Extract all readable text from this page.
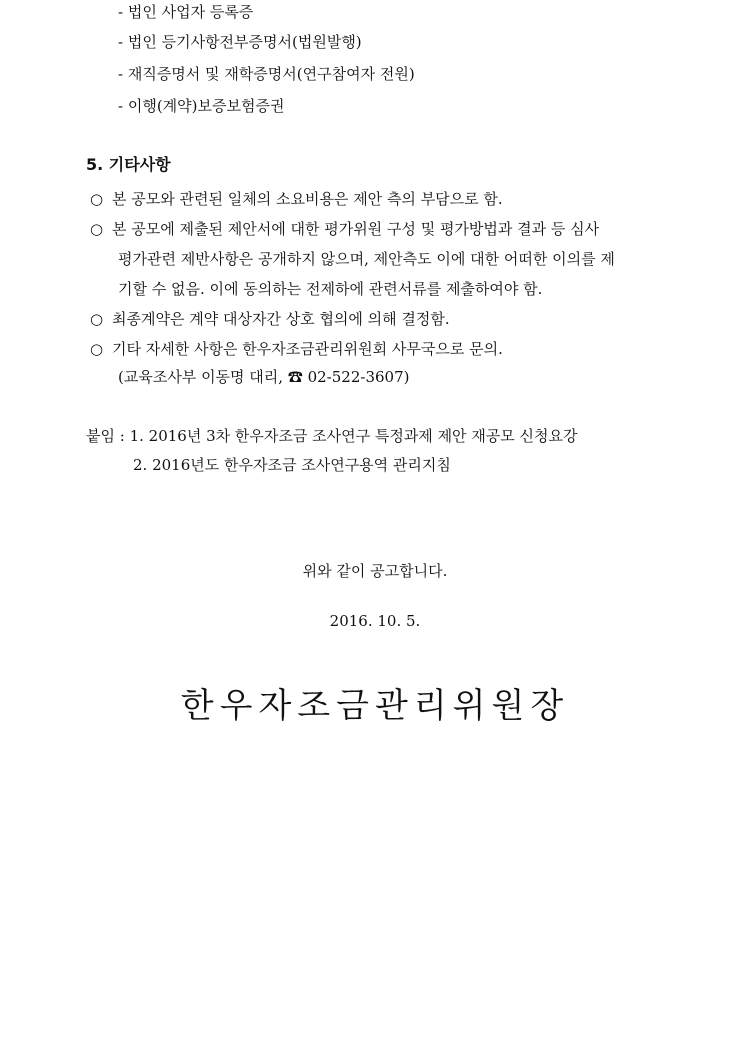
- 법인 사업자 등록증
- 법인 등기사항전부증명서(법원발행)
- 재직증명서 및 재학증명서(연구참여자 전원)
- 이행(계약)보증보험증권
5. 기타사항
○ 본 공모와 관련된 일체의 소요비용은 제안 측의 부담으로 함.
○ 본 공모에 제출된 제안서에 대한 평가위원 구성 및 평가방법과 결과 등 심사
평가관련 제반사항은 공개하지 않으며, 제안측도 이에 대한 어떠한 이의를 제
기할 수 없음. 이에 동의하는 전제하에 관련서류를 제출하여야 함.
○ 최종계약은 계약 대상자간 상호 협의에 의해 결정함.
○ 기타 자세한 사항은 한우자조금관리위원회 사무국으로 문의.
(교육조사부 이동명 대리, ☎ 02-522-3607)
붙임 : 1. 2016년 3차 한우자조금 조사연구 특정과제 제안 재공모 신청요강
2. 2016년도 한우자조금 조사연구용역 관리지침
위와 같이 공고합니다.
2016. 10. 5.
한우자조금관리위원장
